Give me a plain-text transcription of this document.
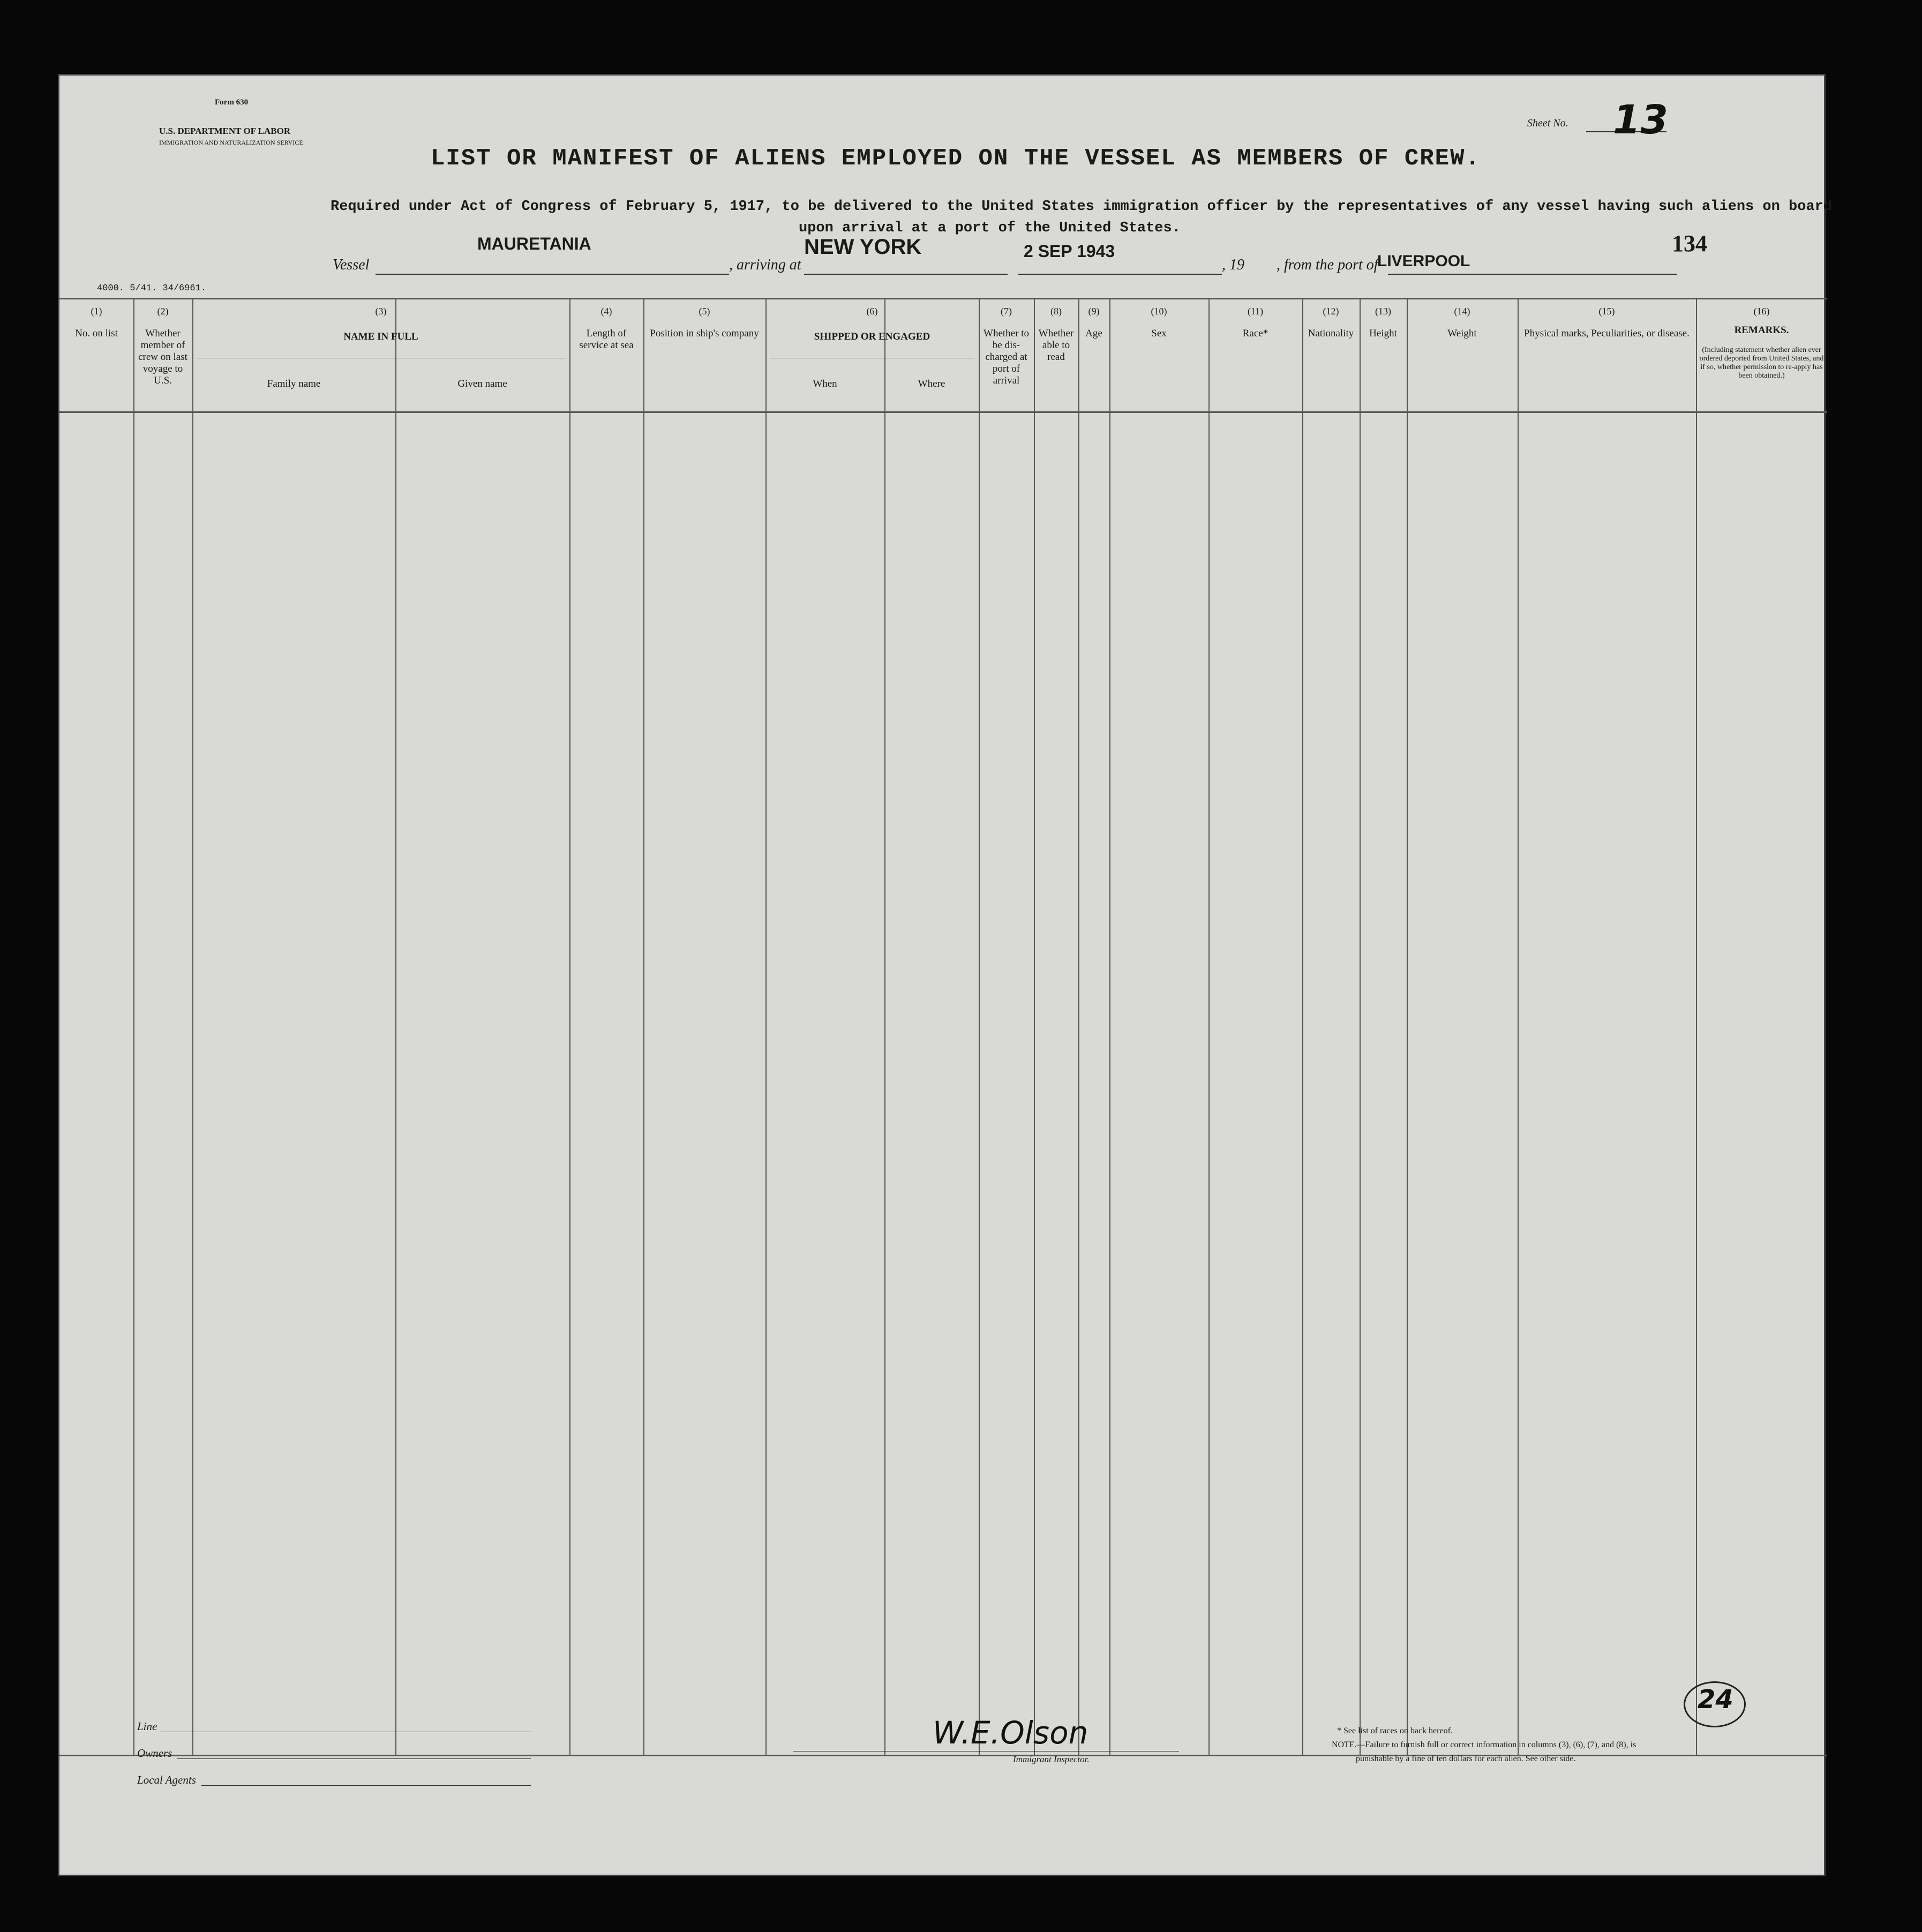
Form 630
U.S. DEPARTMENT OF LABOR
IMMIGRATION AND NATURALIZATION SERVICE
Sheet No. 13
LIST OR MANIFEST OF ALIENS EMPLOYED ON THE VESSEL AS MEMBERS OF CREW.
Required under Act of Congress of February 5, 1917, to be delivered to the United States immigration officer by the representatives of any vessel having such aliens on board
upon arrival at a port of the United States.
134
Vessel
MAURETANIA
, arriving at
NEW YORK	2 SEP 1943
, 19 , from the port of
LIVERPOOL
4000. 5/41. 34/6961.
(1)
No. on list
(2)
Whether member of crew on last voyage to U.S.
(3)
NAME IN FULL
Family name	Given name
(4)
Length of service at sea
(5)
Position in ship's company
(6)
SHIPPED OR ENGAGED
When	Where
(7)
Whether to be dis-charged at port of arrival
(8)
Whether able to read
(9)
Age
(10)
Sex
(11)
Race*
(12)
Nationality
(13)
Height
(14)
Weight
(15)
Physical marks, Peculiarities, or disease.
(16)
REMARKS.
(Including statement whether alien ever ordered deported from United States, and if so, whether permission to re-apply has been obtained.)
Line
Owners
Local Agents
W.E.Olson
Immigrant Inspector.
* See list of races on back hereof.
NOTE.—Failure to furnish full or correct information in columns (3), (6), (7), and (8), is
punishable by a fine of ten dollars for each alien. See other side.
24
